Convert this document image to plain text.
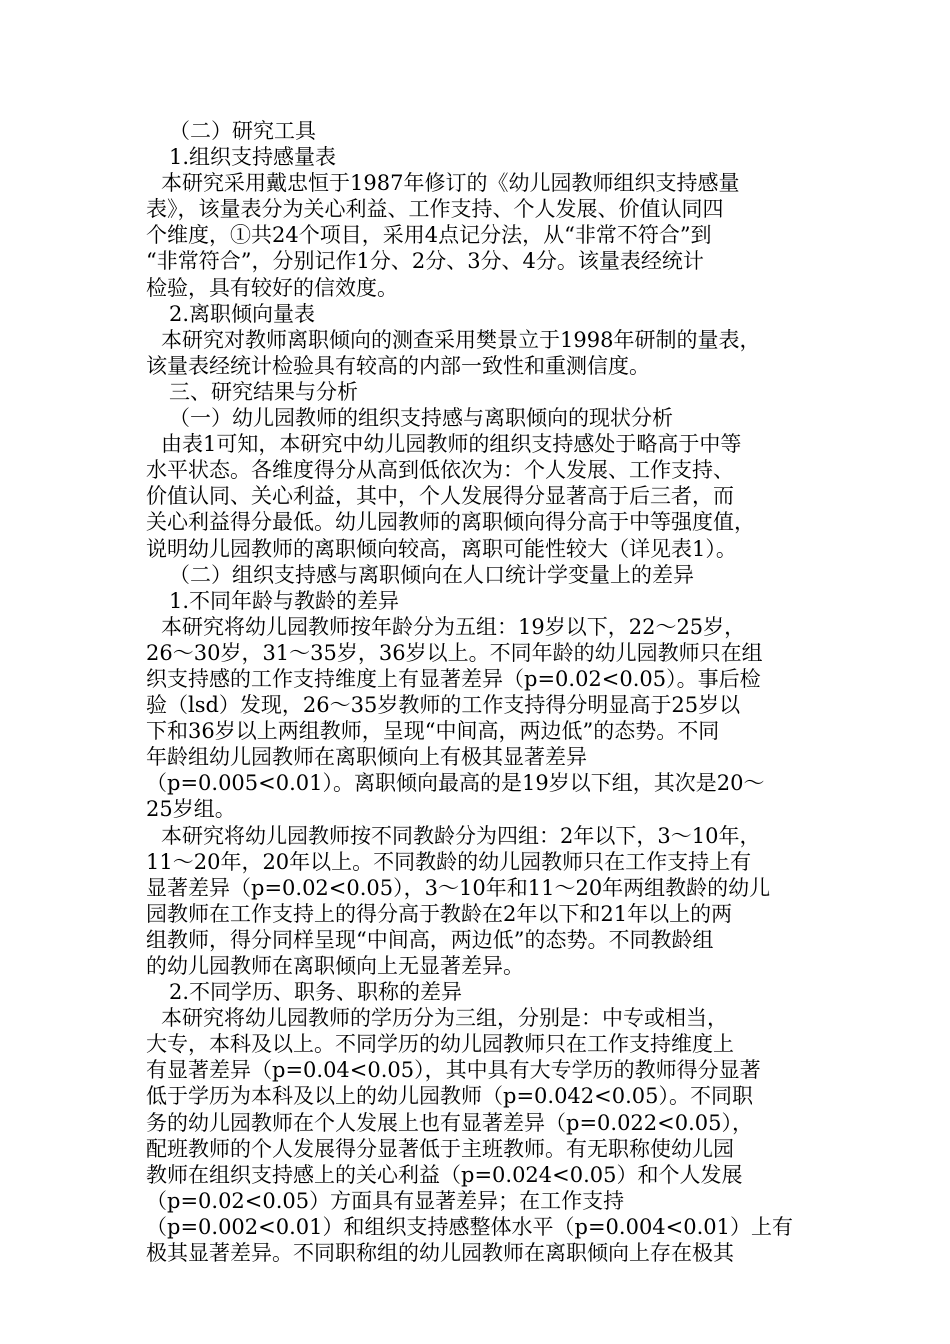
（二）研究工具
1.组织支持感量表
本研究采用戴忠恒于1987年修订的《幼儿园教师组织支持感量
表》，该量表分为关心利益、工作支持、个人发展、价值认同四
个维度，①共24个项目，采用4点记分法，从“非常不符合”到
“非常符合”，分别记作1分、2分、3分、4分。该量表经统计
检验，具有较好的信效度。
2.离职倾向量表
本研究对教师离职倾向的测查采用樊景立于1998年研制的量表，
该量表经统计检验具有较高的内部一致性和重测信度。
三、研究结果与分析
（一）幼儿园教师的组织支持感与离职倾向的现状分析
由表1可知，本研究中幼儿园教师的组织支持感处于略高于中等
水平状态。各维度得分从高到低依次为：个人发展、工作支持、
价值认同、关心利益，其中，个人发展得分显著高于后三者，而
关心利益得分最低。幼儿园教师的离职倾向得分高于中等强度值，
说明幼儿园教师的离职倾向较高，离职可能性较大（详见表1）。
（二）组织支持感与离职倾向在人口统计学变量上的差异
1.不同年龄与教龄的差异
本研究将幼儿园教师按年龄分为五组：19岁以下，22～25岁，
26～30岁，31～35岁，36岁以上。不同年龄的幼儿园教师只在组
织支持感的工作支持维度上有显著差异（p=0.02<0.05）。事后检
验（lsd）发现，26～35岁教师的工作支持得分明显高于25岁以
下和36岁以上两组教师，呈现“中间高，两边低”的态势。不同
年龄组幼儿园教师在离职倾向上有极其显著差异
（p=0.005<0.01）。离职倾向最高的是19岁以下组，其次是20～
25岁组。
本研究将幼儿园教师按不同教龄分为四组：2年以下，3～10年，
11～20年，20年以上。不同教龄的幼儿园教师只在工作支持上有
显著差异（p=0.02<0.05），3～10年和11～20年两组教龄的幼儿
园教师在工作支持上的得分高于教龄在2年以下和21年以上的两
组教师，得分同样呈现“中间高，两边低”的态势。不同教龄组
的幼儿园教师在离职倾向上无显著差异。
2.不同学历、职务、职称的差异
本研究将幼儿园教师的学历分为三组，分别是：中专或相当，
大专，本科及以上。不同学历的幼儿园教师只在工作支持维度上
有显著差异（p=0.04<0.05），其中具有大专学历的教师得分显著
低于学历为本科及以上的幼儿园教师（p=0.042<0.05）。不同职
务的幼儿园教师在个人发展上也有显著差异（p=0.022<0.05），
配班教师的个人发展得分显著低于主班教师。有无职称使幼儿园
教师在组织支持感上的关心利益（p=0.024<0.05）和个人发展
（p=0.02<0.05）方面具有显著差异；在工作支持
（p=0.002<0.01）和组织支持感整体水平（p=0.004<0.01）上有
极其显著差异。不同职称组的幼儿园教师在离职倾向上存在极其
